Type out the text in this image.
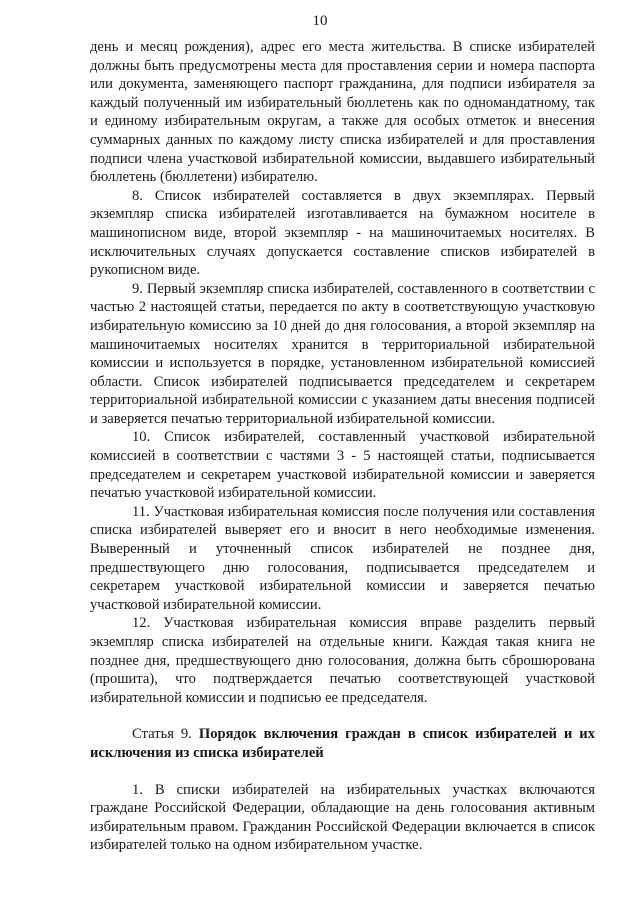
10

день и месяц рождения), адрес его места жительства. В списке избирателей должны быть предусмотрены места для проставления серии и номера паспорта или документа, заменяющего паспорт гражданина, для подписи избирателя за каждый полученный им избирательный бюллетень как по одномандатному, так и единому избирательным округам, а также для особых отметок и внесения суммарных данных по каждому листу списка избирателей и для проставления подписи члена участковой избирательной комиссии, выдавшего избирательный бюллетень (бюллетени) избирателю.

8. Список избирателей составляется в двух экземплярах. Первый экземпляр списка избирателей изготавливается на бумажном носителе в машинописном виде, второй экземпляр - на машиночитаемых носителях. В исключительных случаях допускается составление списков избирателей в рукописном виде.

9. Первый экземпляр списка избирателей, составленного в соответствии с частью 2 настоящей статьи, передается по акту в соответствующую участковую избирательную комиссию за 10 дней до дня голосования, а второй экземпляр на машиночитаемых носителях хранится в территориальной избирательной комиссии и используется в порядке, установленном избирательной комиссией области. Список избирателей подписывается председателем и секретарем территориальной избирательной комиссии с указанием даты внесения подписей и заверяется печатью территориальной избирательной комиссии.

10. Список избирателей, составленный участковой избирательной комиссией в соответствии с частями 3 - 5 настоящей статьи, подписывается председателем и секретарем участковой избирательной комиссии и заверяется печатью участковой избирательной комиссии.

11. Участковая избирательная комиссия после получения или составления списка избирателей выверяет его и вносит в него необходимые изменения. Выверенный и уточненный список избирателей не позднее дня, предшествующего дню голосования, подписывается председателем и секретарем участковой избирательной комиссии и заверяется печатью участковой избирательной комиссии.

12. Участковая избирательная комиссия вправе разделить первый экземпляр списка избирателей на отдельные книги. Каждая такая книга не позднее дня, предшествующего дню голосования, должна быть сброшюрована (прошита), что подтверждается печатью соответствующей участковой избирательной комиссии и подписью ее председателя.

Статья 9. Порядок включения граждан в список избирателей и их исключения из списка избирателей

1. В списки избирателей на избирательных участках включаются граждане Российской Федерации, обладающие на день голосования активным избирательным правом. Гражданин Российской Федерации включается в список избирателей только на одном избирательном участке.
